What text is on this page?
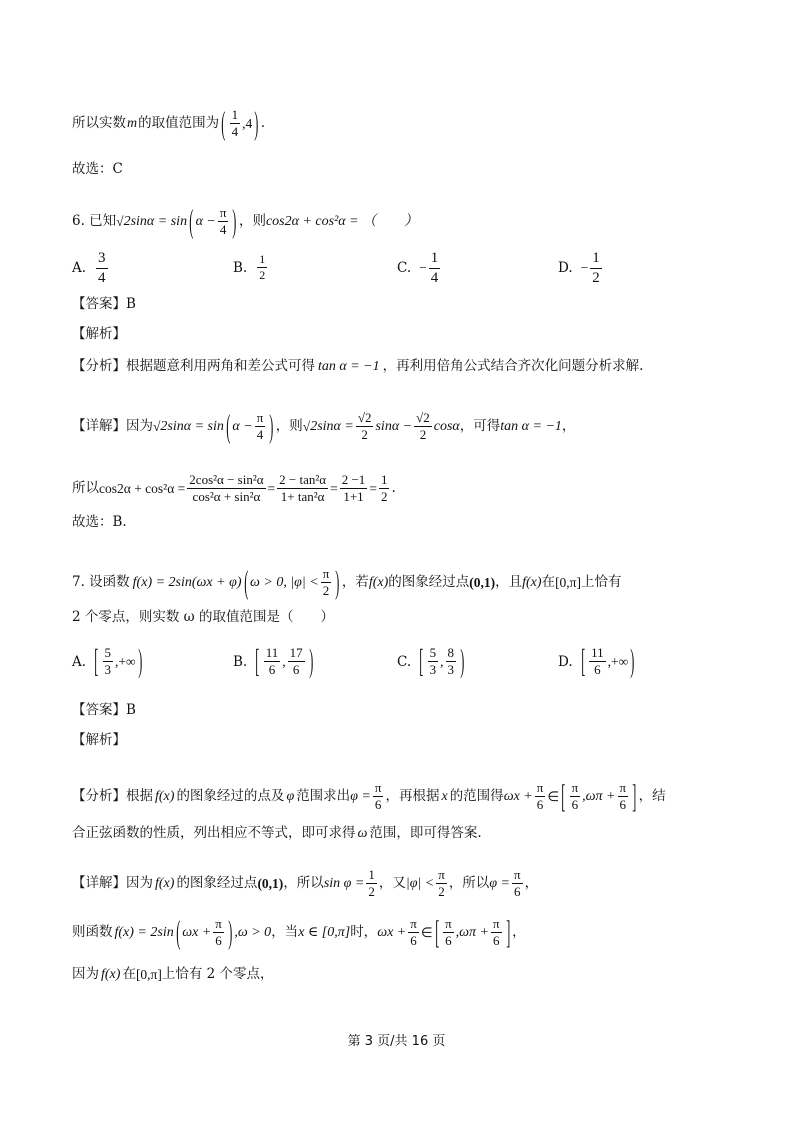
所以实数 m 的取值范围为 ( $\frac{1}{4} ,4$ ) .
故选：C
6. 已知 √ 2sinα = sin ( $\alpha - \frac{\pi}{4}$ ) ，则 cos2α + cos²α = （　　）
A. $\frac{3}{4}$	B. $\frac{1}{2}$	C. − $\frac{1}{4}$	D. − $\frac{1}{2}$
【答案】 B
【解析】
【分析】 根据题意利用两角和差公式可得 tan α = −1 ，再利用倍角公式结合齐次化问题分析求解.
【详解】 因为 √ 2sinα = sin ( $\alpha - \frac{\pi}{4}$ ) ，则 √ $2\sin\alpha = \frac{√2}{2}$ $\sin\alpha - \frac{√2}{2}$ cosα ，可得 tan α = −1 ，
所以 $\cos 2\alpha + \cos^2\alpha = \frac{\text{2cos²α − sin²α}}{\text{cos²α + sin²α}} = \frac{\text{2 − tan²α}}{\text{1+ tan²α}} = \frac{2 -1}{1+1} = \frac{1}{2}$ .
故选：B.
7. 设函数 f(x) = 2sin(ωx + φ) ( ω > 0, $|\varphi| < \frac{\pi}{2}$ ) ，若 f(x) 的图象经过点 (0,1) ，且 f(x) 在 [0,π] 上恰有
2 个零点，则实数 ω 的取值范围是（　　）
A. [ $\frac{5}{3}$ ,+∞ )	B. [ $\frac{11}{6}$ , $\frac{17}{6}$ )	C. [ $\frac{5}{3}$ , $\frac{8}{3}$ )	D. [ $\frac{11}{6}$ ,+∞ )
【答案】 B
【解析】
【分析】 根据 f(x) 的图象经过的点及 φ 范围求出 $\varphi = \frac{\pi}{6}$ ，再根据 x 的范围得 $\omega x + \frac{\pi}{6}$ ∈ [ $\frac{\pi}{6} ,\omega\pi + \frac{\pi}{6}$ ] ，结
合正弦函数的性质，列出相应不等式，即可求得 ω 范围，即可得答案.
【详解】 因为 f(x) 的图象经过点 (0,1) ，所以 $\sin \varphi = \frac{1}{2}$ ，又 $|\varphi| < \frac{\pi}{2}$ ，所以 $\varphi = \frac{\pi}{6}$ ，
则函数 f(x) = 2sin ( $\omega x + \frac{\pi}{6}$ ) ,ω > 0 ，当 x ∈ [0,π] 时， $\omega x + \frac{\pi}{6}$ ∈ [ $\frac{\pi}{6} ,\omega\pi + \frac{\pi}{6}$ ] ，
因为 f(x) 在 [0,π] 上恰有 2 个零点，
第 3 页/共 16 页
